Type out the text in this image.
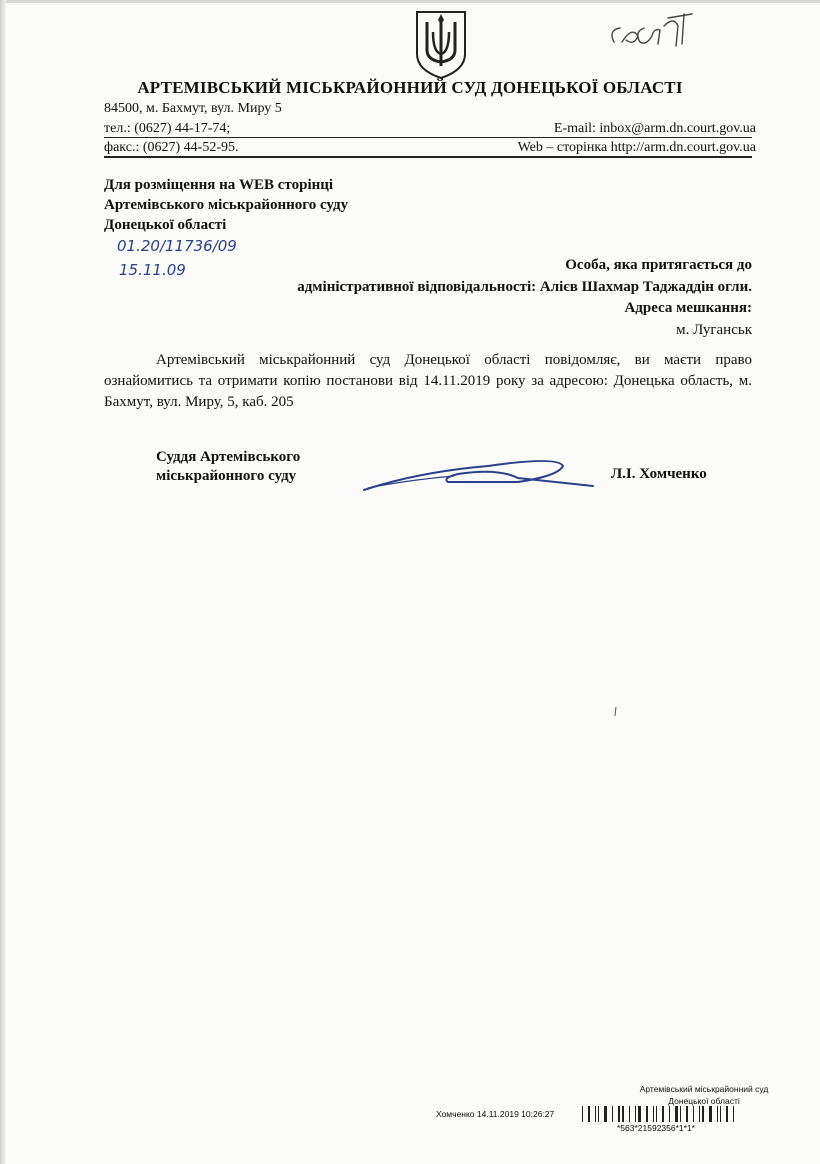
АРТЕМІВСЬКИЙ МІСЬКРАЙОННИЙ СУД ДОНЕЦЬКОЇ ОБЛАСТІ
84500, м. Бахмут, вул. Миру 5
тел.: (0627) 44-17-74;	E-mail: inbox@arm.dn.court.gov.ua
факс.: (0627) 44-52-95.	Web – сторінка http://arm.dn.court.gov.ua
Для розміщення на WEB сторінці
Артемівського міськрайонного суду
Донецької області
01.20/11736/09
15.11.09	Особа, яка притягається до
адміністративної відповідальності: Алієв Шахмар Таджаддін огли.
Адреса мешкання:
м. Луганськ
Артемівський міськрайонний суд Донецької області повідомляє, ви маєти право ознайомитись та отримати копію постанови від 14.11.2019 року за адресою: Донецька область, м. Бахмут, вул. Миру, 5, каб. 205
Суддя Артемівського
міськрайонного суду	Л.І. Хомченко
Артемівський міськрайонний суд
Донецької області
Хомченко 14.11.2019 10:26:27
*563*21592356*1*1*
